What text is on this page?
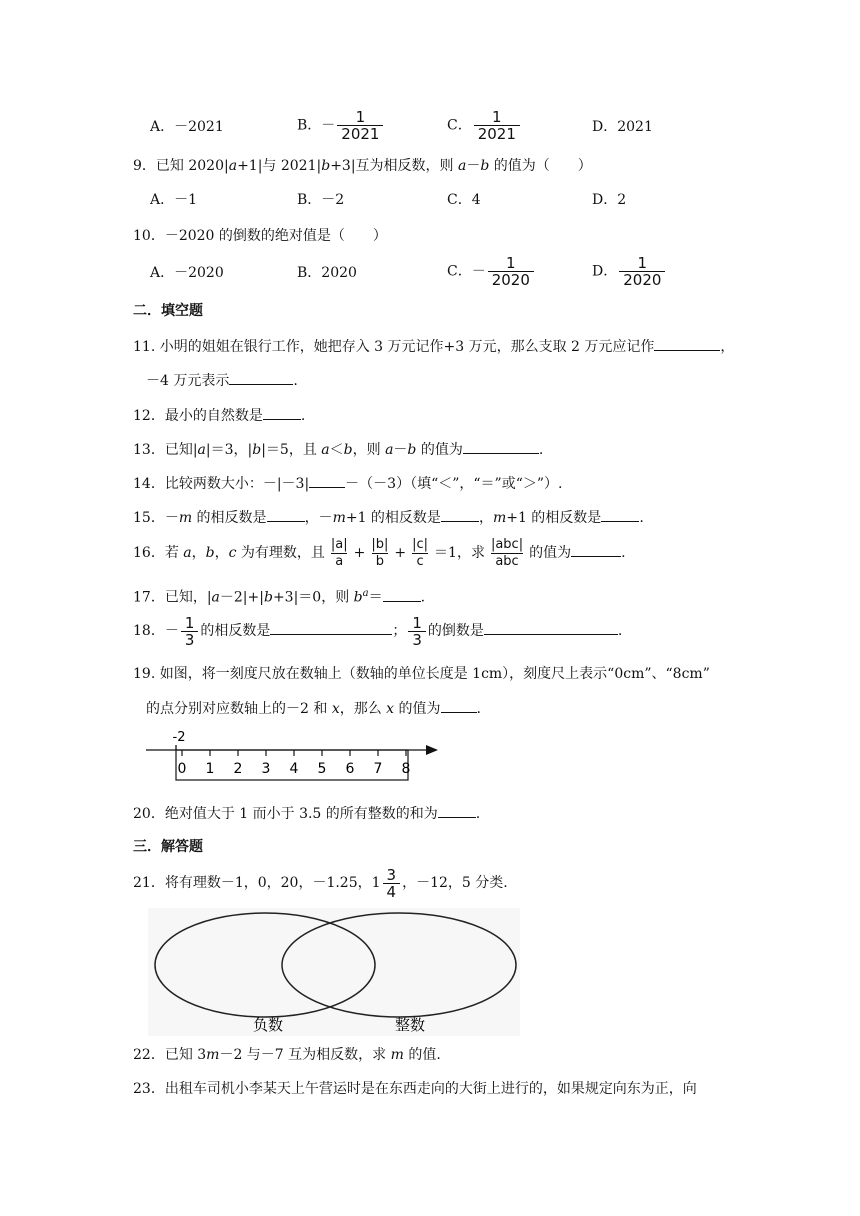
A．－2021	B．－ $\frac{1}{2021}$	C． $\frac{1}{2021}$	D．2021
9．已知 2020|a+1|与 2021|b+3|互为相反数，则 a－b 的值为（　　）
A．－1	B．－2	C．4	D．2
10．－2020 的倒数的绝对值是（　　）
A．－2020	B．2020	C．－ $\frac{1}{2020}$	D． $\frac{1}{2020}$
二．填空题
11. 小明的姐姐在银行工作，她把存入 3 万元记作+3 万元，那么支取 2 万元应记作	，
－4 万元表示	.
12．最小的自然数是	.
13．已知|a|＝3，|b|＝5，且 a＜b，则 a－b 的值为	.
14．比较两数大小：－|－3|	－（－3）（填“＜”，“＝”或“＞”）.
15．－m 的相反数是	，－m+1 的相反数是	，m+1 的相反数是	.
16．若 a，b，c 为有理数，且 $\frac{|a|}{a} + \frac{|b|}{b} + \frac{|c|}{c} =1$，求 $\frac{\text{|abc|}}{\text{abc}}$ 的值为	.
17．已知，|a－2|+|b+3|＝0，则 $b^a=$	.
18．－ $\frac{1}{3}$ 的相反数是	； $\frac{1}{3}$ 的倒数是	.
19. 如图，将一刻度尺放在数轴上（数轴的单位长度是 1cm），刻度尺上表示“0cm”、“8cm”
的点分别对应数轴上的－2 和 x，那么 x 的值为	.
-2
0 1 2 3 4 5 6 7 8
20．绝对值大于 1 而小于 3.5 的所有整数的和为	.
三．解答题
21．将有理数－1，0，20，－1.25，$1 \frac{3}{4}$ ，－12，5 分类.
负数	整数
22．已知 3m－2 与－7 互为相反数，求 m 的值.
23．出租车司机小李某天上午营运时是在东西走向的大街上进行的，如果规定向东为正，向
